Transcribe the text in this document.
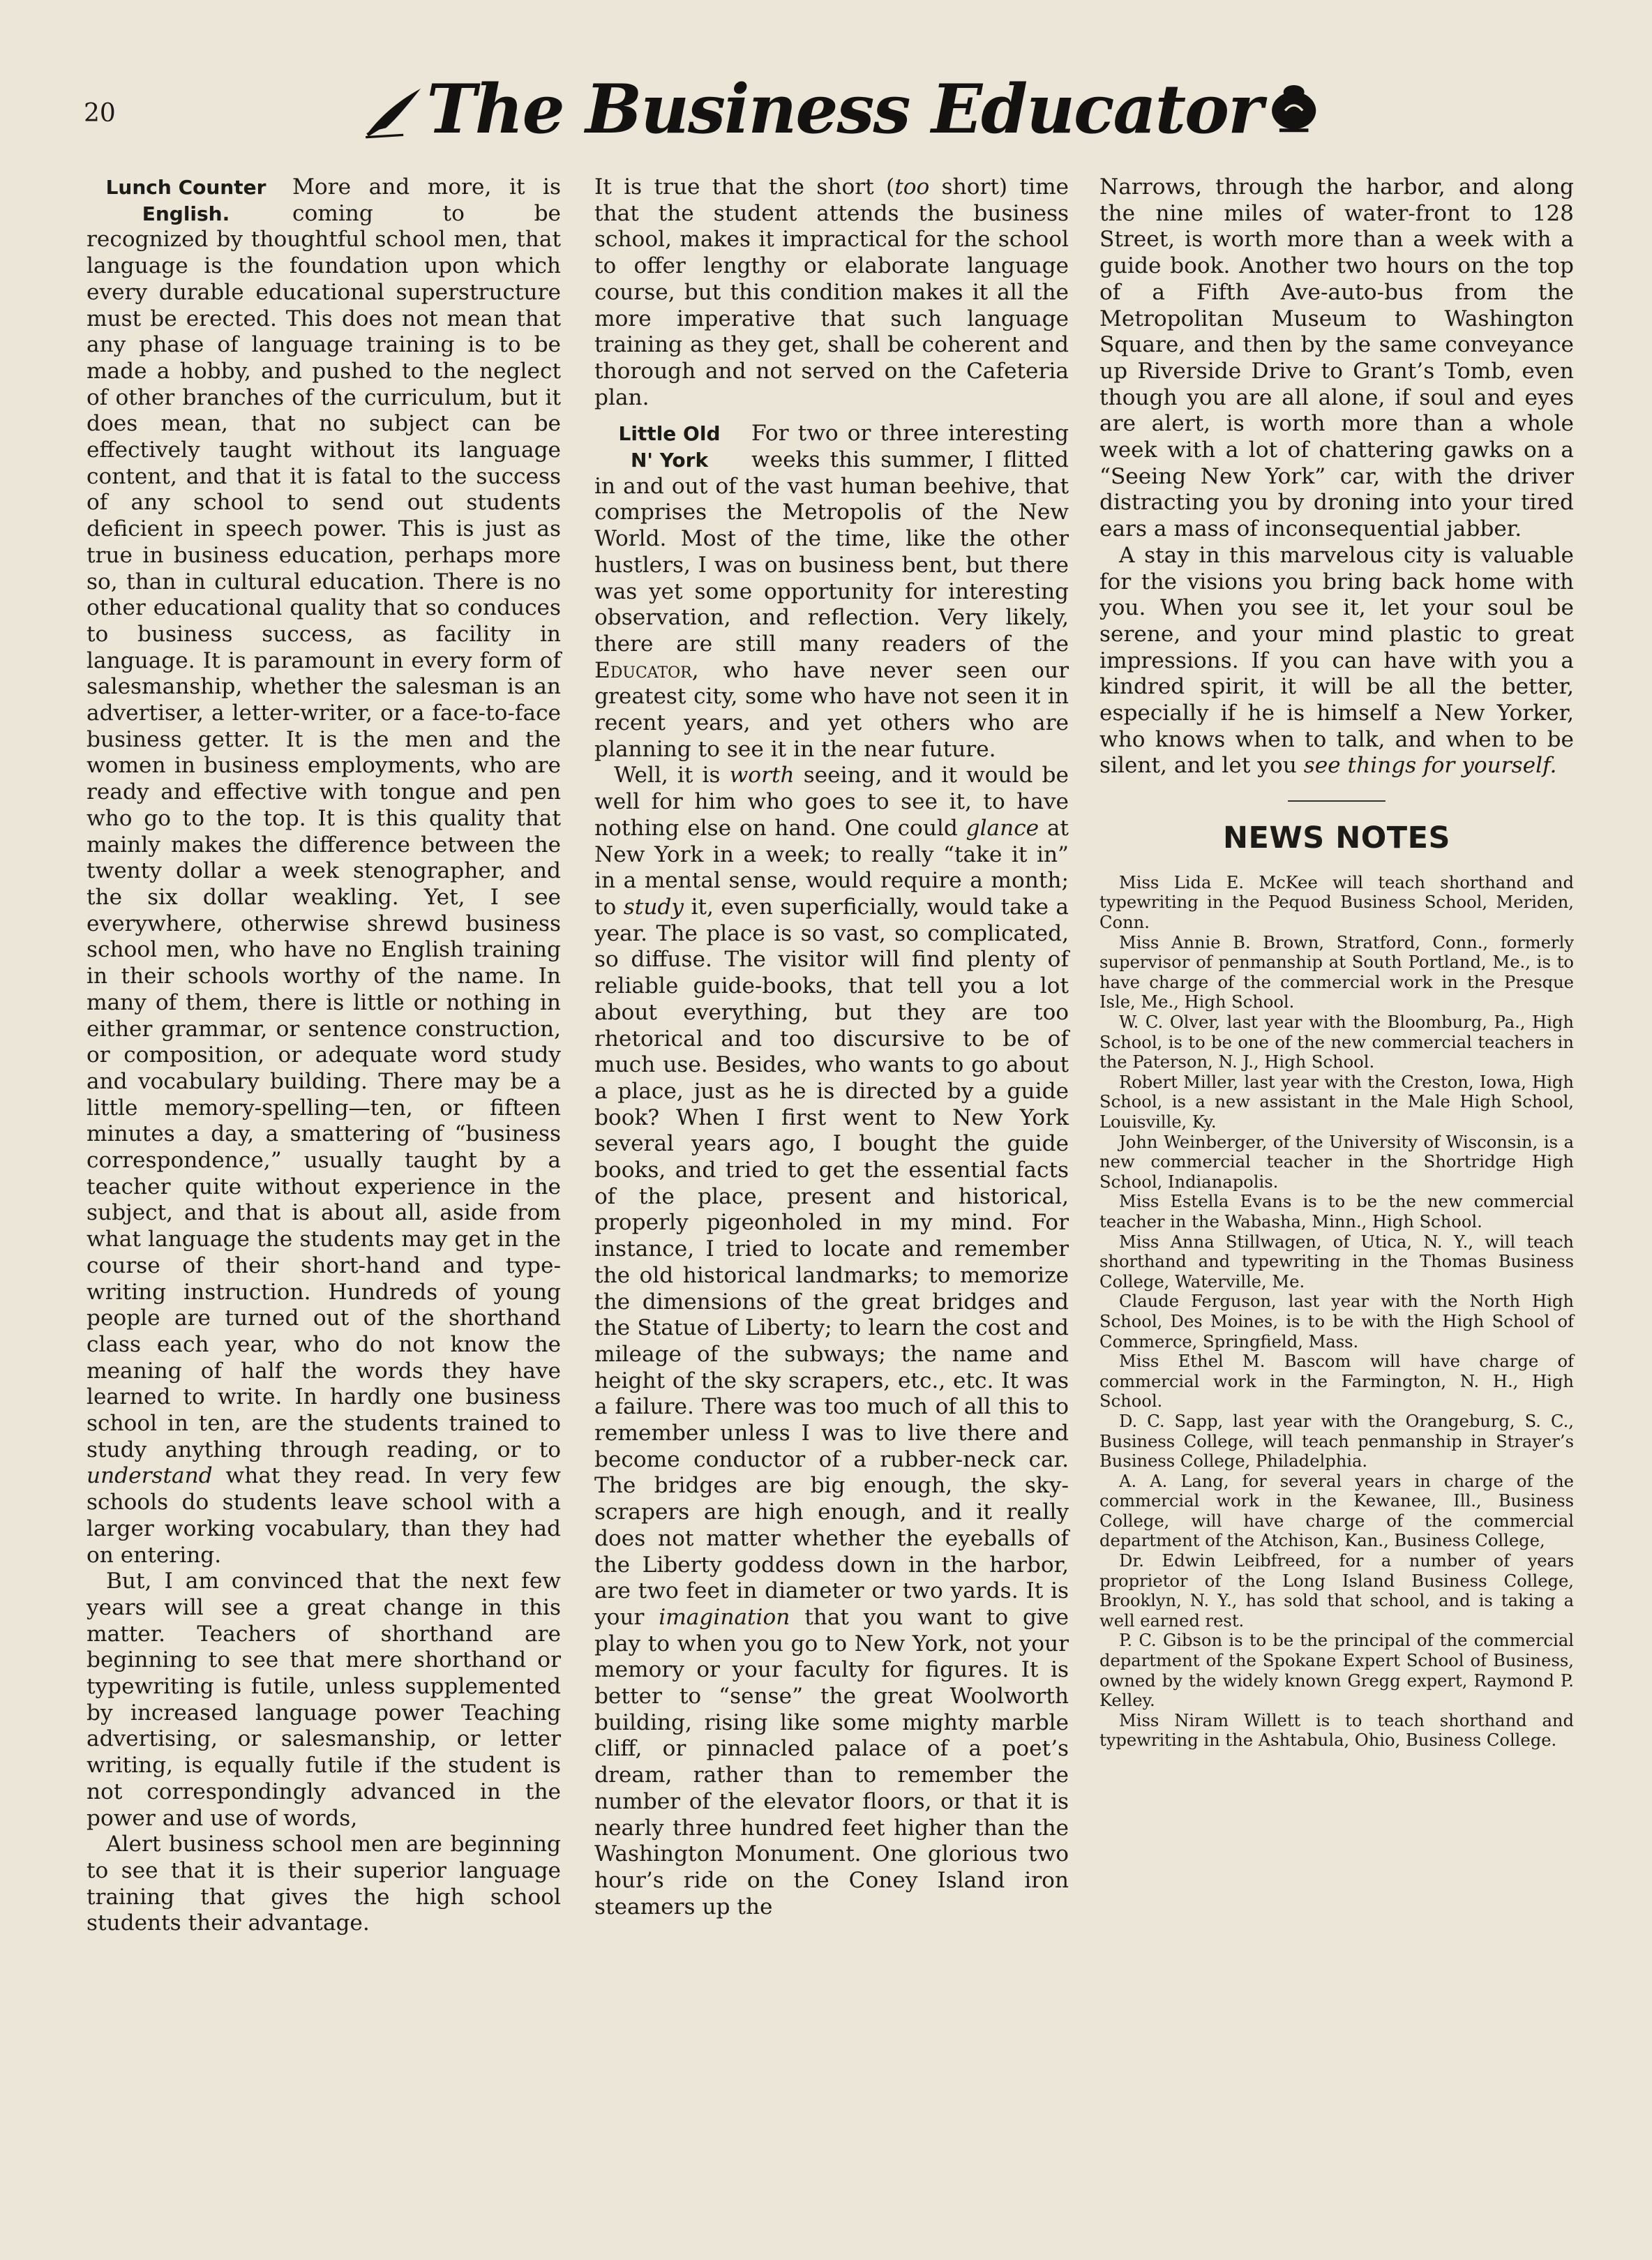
20	The Business Educator
Lunch Counter
English.

More and more, it is coming to be recognized by thoughtful school men, that language is the foundation upon which every durable educational superstructure must be erected. This does not mean that any phase of language training is to be made a hobby, and pushed to the neglect of other branches of the curriculum, but it does mean, that no subject can be effectively taught without its language content, and that it is fatal to the success of any school to send out students deficient in speech power. This is just as true in business education, perhaps more so, than in cultural education. There is no other educational quality that so conduces to business success, as facility in language. It is paramount in every form of salesmanship, whether the salesman is an advertiser, a letter-writer, or a face-to-face business getter. It is the men and the women in business employments, who are ready and effective with tongue and pen who go to the top. It is this quality that mainly makes the difference between the twenty dollar a week stenographer, and the six dollar weakling. Yet, I see everywhere, otherwise shrewd business school men, who have no English training in their schools worthy of the name. In many of them, there is little or nothing in either grammar, or sentence construction, or composition, or adequate word study and vocabulary building. There may be a little memory-spelling—ten, or fifteen minutes a day, a smattering of “business correspondence,” usually taught by a teacher quite without experience in the subject, and that is about all, aside from what language the students may get in the course of their short-hand and type-writing instruction. Hundreds of young people are turned out of the shorthand class each year, who do not know the meaning of half the words they have learned to write. In hardly one business school in ten, are the students trained to study anything through reading, or to understand what they read. In very few schools do students leave school with a larger working vocabulary, than they had on entering.

But, I am convinced that the next few years will see a great change in this matter. Teachers of shorthand are beginning to see that mere shorthand or typewriting is futile, unless supplemented by increased language power Teaching advertising, or salesmanship, or letter writing, is equally futile if the student is not correspondingly advanced in the power and use of words,

Alert business school men are beginning to see that it is their superior language training that gives the high school students their advantage.

It is true that the short (too short) time that the student attends the business school, makes it impractical for the school to offer lengthy or elaborate language course, but this condition makes it all the more imperative that such language training as they get, shall be coherent and thorough and not served on the Cafeteria plan.

Little Old
N' York

For two or three interesting weeks this summer, I flitted in and out of the vast human beehive, that comprises the Metropolis of the New World. Most of the time, like the other hustlers, I was on business bent, but there was yet some opportunity for interesting observation, and reflection. Very likely, there are still many readers of the Educator, who have never seen our greatest city, some who have not seen it in recent years, and yet others who are planning to see it in the near future.

Well, it is worth seeing, and it would be well for him who goes to see it, to have nothing else on hand. One could glance at New York in a week; to really “take it in” in a mental sense, would require a month; to study it, even superficially, would take a year. The place is so vast, so complicated, so diffuse. The visitor will find plenty of reliable guide-books, that tell you a lot about everything, but they are too rhetorical and too discursive to be of much use. Besides, who wants to go about a place, just as he is directed by a guide book? When I first went to New York several years ago, I bought the guide books, and tried to get the essential facts of the place, present and historical, properly pigeonholed in my mind. For instance, I tried to locate and remember the old historical landmarks; to memorize the dimensions of the great bridges and the Statue of Liberty; to learn the cost and mileage of the subways; the name and height of the sky scrapers, etc., etc. It was a failure. There was too much of all this to remember unless I was to live there and become conductor of a rubber-neck car. The bridges are big enough, the sky-scrapers are high enough, and it really does not matter whether the eyeballs of the Liberty goddess down in the harbor, are two feet in diameter or two yards. It is your imagination that you want to give play to when you go to New York, not your memory or your faculty for figures. It is better to “sense” the great Woolworth building, rising like some mighty marble cliff, or pinnacled palace of a poet’s dream, rather than to remember the number of the elevator floors, or that it is nearly three hundred feet higher than the Washington Monument. One glorious two hour’s ride on the Coney Island iron steamers up the

Narrows, through the harbor, and along the nine miles of water-front to 128 Street, is worth more than a week with a guide book. Another two hours on the top of a Fifth Ave-auto-bus from the Metropolitan Museum to Washington Square, and then by the same conveyance up Riverside Drive to Grant’s Tomb, even though you are all alone, if soul and eyes are alert, is worth more than a whole week with a lot of chattering gawks on a “Seeing New York” car, with the driver distracting you by droning into your tired ears a mass of inconsequential jabber.

A stay in this marvelous city is valuable for the visions you bring back home with you. When you see it, let your soul be serene, and your mind plastic to great impressions. If you can have with you a kindred spirit, it will be all the better, especially if he is himself a New Yorker, who knows when to talk, and when to be silent, and let you see things for yourself.

NEWS NOTES

Miss Lida E. McKee will teach shorthand and typewriting in the Pequod Business School, Meriden, Conn.

Miss Annie B. Brown, Stratford, Conn., formerly supervisor of penmanship at South Portland, Me., is to have charge of the commercial work in the Presque Isle, Me., High School.

W. C. Olver, last year with the Bloomburg, Pa., High School, is to be one of the new commercial teachers in the Paterson, N. J., High School.

Robert Miller, last year with the Creston, Iowa, High School, is a new assistant in the Male High School, Louisville, Ky.

John Weinberger, of the University of Wisconsin, is a new commercial teacher in the Shortridge High School, Indianapolis.

Miss Estella Evans is to be the new commercial teacher in the Wabasha, Minn., High School.

Miss Anna Stillwagen, of Utica, N. Y., will teach shorthand and typewriting in the Thomas Business College, Waterville, Me.

Claude Ferguson, last year with the North High School, Des Moines, is to be with the High School of Commerce, Springfield, Mass.

Miss Ethel M. Bascom will have charge of commercial work in the Farmington, N. H., High School.

D. C. Sapp, last year with the Orangeburg, S. C., Business College, will teach penmanship in Strayer’s Business College, Philadelphia.

A. A. Lang, for several years in charge of the commercial work in the Kewanee, Ill., Business College, will have charge of the commercial department of the Atchison, Kan., Business College,

Dr. Edwin Leibfreed, for a number of years proprietor of the Long Island Business College, Brooklyn, N. Y., has sold that school, and is taking a well earned rest.

P. C. Gibson is to be the principal of the commercial department of the Spokane Expert School of Business, owned by the widely known Gregg expert, Raymond P. Kelley.

Miss Niram Willett is to teach shorthand and typewriting in the Ashtabula, Ohio, Business College.
